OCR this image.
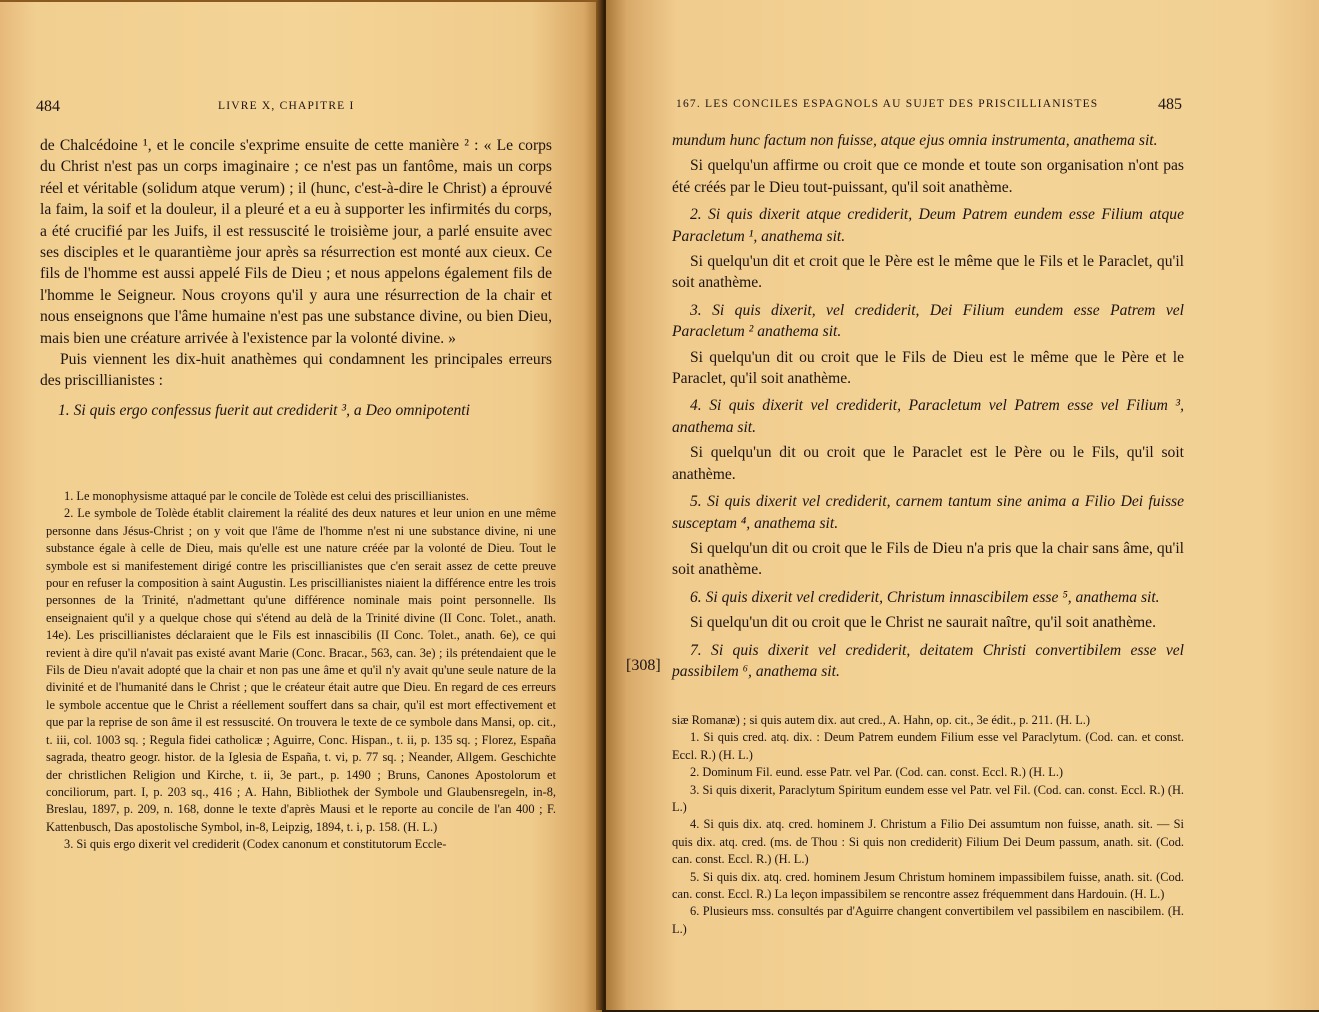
484	LIVRE X, CHAPITRE I

de Chalcédoine ¹, et le concile s'exprime ensuite de cette manière ² : « Le corps du Christ n'est pas un corps imaginaire ; ce n'est pas un fantôme, mais un corps réel et véritable (solidum atque verum) ; il (hunc, c'est-à-dire le Christ) a éprouvé la faim, la soif et la douleur, il a pleuré et a eu à supporter les infirmités du corps, a été crucifié par les Juifs, il est ressuscité le troisième jour, a parlé ensuite avec ses disciples et le quarantième jour après sa résurrection est monté aux cieux. Ce fils de l'homme est aussi appelé Fils de Dieu ; et nous appelons également fils de l'homme le Seigneur. Nous croyons qu'il y aura une résurrection de la chair et nous enseignons que l'âme humaine n'est pas une substance divine, ou bien Dieu, mais bien une créature arrivée à l'existence par la volonté divine. »

Puis viennent les dix-huit anathèmes qui condamnent les principales erreurs des priscillianistes :

1. Si quis ergo confessus fuerit aut crediderit ³, a Deo omnipotenti

1. Le monophysisme attaqué par le concile de Tolède est celui des priscillianistes.

2. Le symbole de Tolède établit clairement la réalité des deux natures et leur union en une même personne dans Jésus-Christ ; on y voit que l'âme de l'homme n'est ni une substance divine, ni une substance égale à celle de Dieu, mais qu'elle est une nature créée par la volonté de Dieu. Tout le symbole est si manifestement dirigé contre les priscillianistes que c'en serait assez de cette preuve pour en refuser la composition à saint Augustin. Les priscillianistes niaient la différence entre les trois personnes de la Trinité, n'admettant qu'une différence nominale mais point personnelle. Ils enseignaient qu'il y a quelque chose qui s'étend au delà de la Trinité divine (II Conc. Tolet., anath. 14e). Les priscillianistes déclaraient que le Fils est innascibilis (II Conc. Tolet., anath. 6e), ce qui revient à dire qu'il n'avait pas existé avant Marie (Conc. Bracar., 563, can. 3e) ; ils prétendaient que le Fils de Dieu n'avait adopté que la chair et non pas une âme et qu'il n'y avait qu'une seule nature de la divinité et de l'humanité dans le Christ ; que le créateur était autre que Dieu. En regard de ces erreurs le symbole accentue que le Christ a réellement souffert dans sa chair, qu'il est mort effectivement et que par la reprise de son âme il est ressuscité. On trouvera le texte de ce symbole dans Mansi, op. cit., t. iii, col. 1003 sq. ; Regula fidei catholicæ ; Aguirre, Conc. Hispan., t. ii, p. 135 sq. ; Florez, España sagrada, theatro geogr. histor. de la Iglesia de España, t. vi, p. 77 sq. ; Neander, Allgem. Geschichte der christlichen Religion und Kirche, t. ii, 3e part., p. 1490 ; Bruns, Canones Apostolorum et conciliorum, part. I, p. 203 sq., 416 ; A. Hahn, Bibliothek der Symbole und Glaubensregeln, in-8, Breslau, 1897, p. 209, n. 168, donne le texte d'après Mausi et le reporte au concile de l'an 400 ; F. Kattenbusch, Das apostolische Symbol, in-8, Leipzig, 1894, t. i, p. 158. (H. L.)

3. Si quis ergo dixerit vel crediderit (Codex canonum et constitutorum Eccle-

167. LES CONCILES ESPAGNOLS AU SUJET DES PRISCILLIANISTES	485

mundum hunc factum non fuisse, atque ejus omnia instrumenta, anathema sit.

Si quelqu'un affirme ou croit que ce monde et toute son organisation n'ont pas été créés par le Dieu tout-puissant, qu'il soit anathème.

2. Si quis dixerit atque crediderit, Deum Patrem eundem esse Filium atque Paracletum ¹, anathema sit.

Si quelqu'un dit et croit que le Père est le même que le Fils et le Paraclet, qu'il soit anathème.

3. Si quis dixerit, vel crediderit, Dei Filium eundem esse Patrem vel Paracletum ² anathema sit.

Si quelqu'un dit ou croit que le Fils de Dieu est le même que le Père et le Paraclet, qu'il soit anathème.

4. Si quis dixerit vel crediderit, Paracletum vel Patrem esse vel Filium ³, anathema sit.

Si quelqu'un dit ou croit que le Paraclet est le Père ou le Fils, qu'il soit anathème.

5. Si quis dixerit vel crediderit, carnem tantum sine anima a Filio Dei fuisse susceptam ⁴, anathema sit.

Si quelqu'un dit ou croit que le Fils de Dieu n'a pris que la chair sans âme, qu'il soit anathème.

6. Si quis dixerit vel crediderit, Christum innascibilem esse ⁵, anathema sit.

Si quelqu'un dit ou croit que le Christ ne saurait naître, qu'il soit anathème.

7. Si quis dixerit vel crediderit, deitatem Christi convertibilem esse vel passibilem ⁶, anathema sit.

siæ Romanæ) ; si quis autem dix. aut cred., A. Hahn, op. cit., 3e édit., p. 211. (H. L.)

1. Si quis cred. atq. dix. : Deum Patrem eundem Filium esse vel Paraclytum. (Cod. can. et const. Eccl. R.) (H. L.)

2. Dominum Fil. eund. esse Patr. vel Par. (Cod. can. const. Eccl. R.) (H. L.)

3. Si quis dixerit, Paraclytum Spiritum eundem esse vel Patr. vel Fil. (Cod. can. const. Eccl. R.) (H. L.)

4. Si quis dix. atq. cred. hominem J. Christum a Filio Dei assumtum non fuisse, anath. sit. — Si quis dix. atq. cred. (ms. de Thou : Si quis non crediderit) Filium Dei Deum passum, anath. sit. (Cod. can. const. Eccl. R.) (H. L.)

5. Si quis dix. atq. cred. hominem Jesum Christum hominem impassibilem fuisse, anath. sit. (Cod. can. const. Eccl. R.) La leçon impassibilem se rencontre assez fréquemment dans Hardouin. (H. L.)

6. Plusieurs mss. consultés par d'Aguirre changent convertibilem vel passibilem en nascibilem. (H. L.)

[308]
